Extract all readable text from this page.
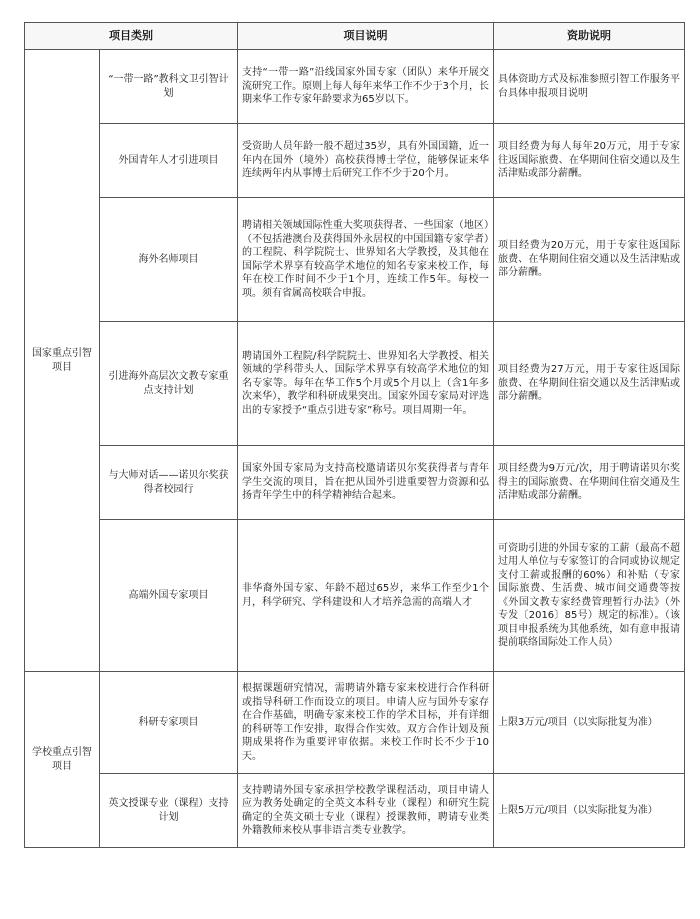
项目类别		项目说明	资助说明
国家重点引智项目	“一带一路”教科文卫引智计划	支持“一带一路”沿线国家外国专家（团队）来华开展交流研究工作。原则上每人每年来华工作不少于3个月，长期来华工作专家年龄要求为65岁以下。	具体资助方式及标准参照引智工作服务平台具体申报项目说明
	外国青年人才引进项目	受资助人员年龄一般不超过35岁，具有外国国籍，近一年内在国外（境外）高校获得博士学位，能够保证来华连续两年内从事博士后研究工作不少于20个月。	项目经费为每人每年20万元，用于专家往返国际旅费、在华期间住宿交通以及生活津贴或部分薪酬。
	海外名师项目	聘请相关领域国际性重大奖项获得者、一些国家（地区）（不包括港澳台及获得国外永居权的中国国籍专家学者）的工程院、科学院院士、世界知名大学教授，及其他在国际学术界享有较高学术地位的知名专家来校工作，每年在校工作时间不少于1个月，连续工作5年。每校一项。须有省属高校联合申报。	项目经费为20万元，用于专家往返国际旅费、在华期间住宿交通以及生活津贴或部分薪酬。
	引进海外高层次文教专家重点支持计划	聘请国外工程院/科学院院士、世界知名大学教授、相关领域的学科带头人、国际学术界享有较高学术地位的知名专家等。每年在华工作5个月或5个月以上（含1年多次来华），教学和科研成果突出。国家外国专家局对评选出的专家授予“重点引进专家”称号。项目周期一年。	项目经费为27万元，用于专家往返国际旅费、在华期间住宿交通以及生活津贴或部分薪酬。
	与大师对话——诺贝尔奖获得者校园行	国家外国专家局为支持高校邀请诺贝尔奖获得者与青年学生交流的项目，旨在把从国外引进重要智力资源和弘扬青年学生中的科学精神结合起来。	项目经费为9万元/次，用于聘请诺贝尔奖得主的国际旅费、在华期间住宿交通及生活津贴或部分薪酬。
	高端外国专家项目	非华裔外国专家、年龄不超过65岁，来华工作至少1个月，科学研究、学科建设和人才培养急需的高端人才	可资助引进的外国专家的工薪（最高不超过用人单位与专家签订的合同或协议规定支付工薪或报酬的60%）和补贴（专家国际旅费、生活费、城市间交通费等按《外国文教专家经费管理暂行办法》（外专发〔2016〕85号）规定的标准）。（该项目申报系统为其他系统，如有意申报请提前联络国际处工作人员）
学校重点引智项目	科研专家项目	根据课题研究情况，需聘请外籍专家来校进行合作科研或指导科研工作而设立的项目。申请人应与国外专家存在合作基础，明确专家来校工作的学术目标，并有详细的科研等工作安排，取得合作实效。双方合作计划及预期成果将作为重要评审依据。来校工作时长不少于10天。	上限3万元/项目（以实际批复为准）
	英文授课专业（课程）支持计划	支持聘请外国专家承担学校教学课程活动，项目申请人应为教务处确定的全英文本科专业（课程）和研究生院确定的全英文硕士专业（课程）授课教师，聘请专业类外籍教师来校从事非语言类专业教学。	上限5万元/项目（以实际批复为准）
